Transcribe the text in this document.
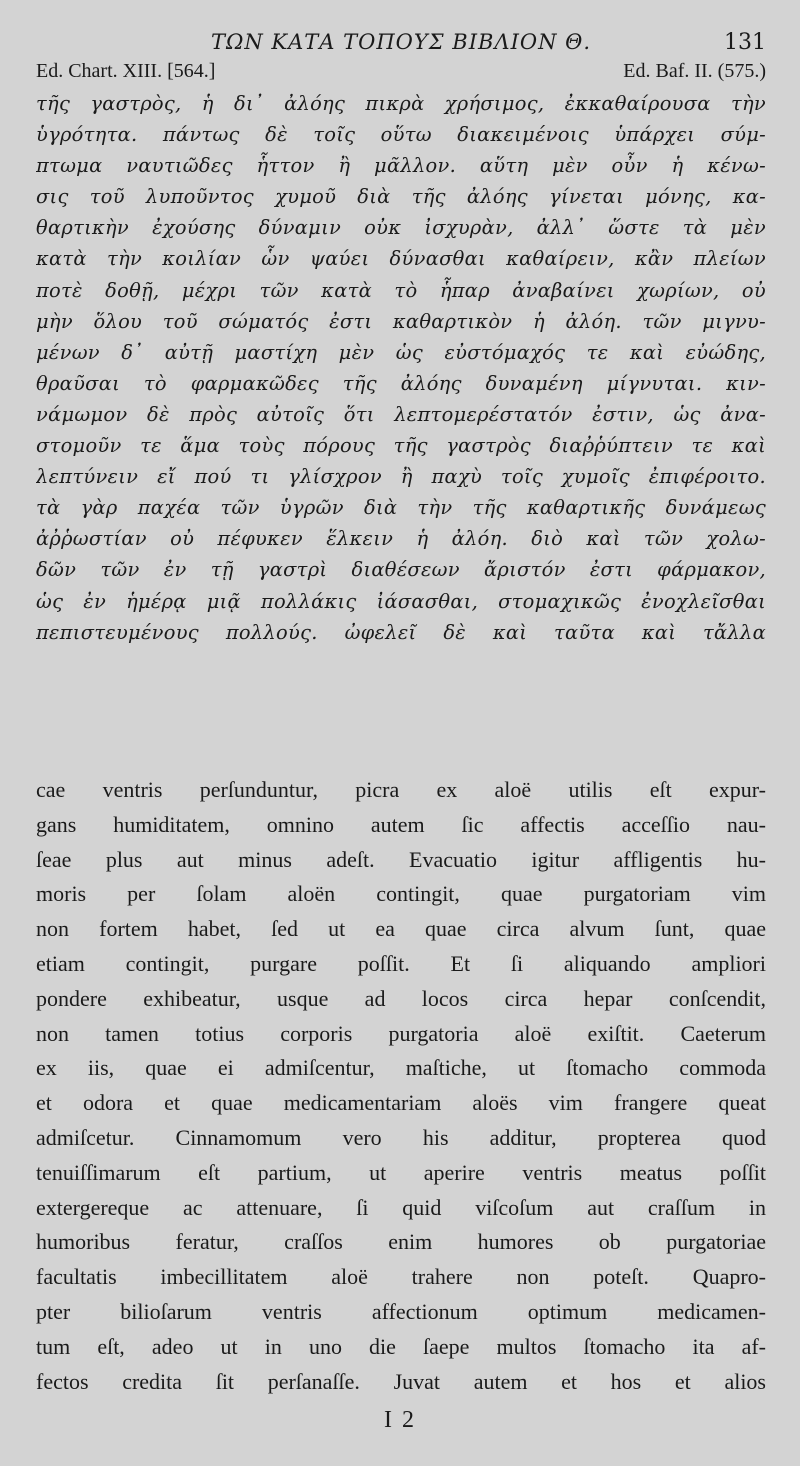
ΤΩΝ ΚΑΤΑ ΤΟΠΟΥΣ ΒΙΒΛΙΟΝ Θ.	131
Ed. Chart. XIII. [564.]	Ed. Baf. II. (575.)
τῆς γαστρὸς, ἡ δι᾽ ἀλόης πικρὰ χρήσιμος, ἐκκαθαίρουσα τὴν
ὑγρότητα. πάντως δὲ τοῖς οὕτω διακειμένοις ὑπάρχει σύμ-
πτωμα ναυτιῶδες ἧττον ἢ μᾶλλον. αὕτη μὲν οὖν ἡ κένω-
σις τοῦ λυποῦντος χυμοῦ διὰ τῆς ἀλόης γίνεται μόνης, κα-
θαρτικὴν ἐχούσης δύναμιν οὐκ ἰσχυρὰν, ἀλλ᾽ ὥστε τὰ μὲν
κατὰ τὴν κοιλίαν ὧν ψαύει δύνασθαι καθαίρειν, κἂν πλείων
ποτὲ δοθῇ, μέχρι τῶν κατὰ τὸ ἧπαρ ἀναβαίνει χωρίων, οὐ
μὴν ὅλου τοῦ σώματός ἐστι καθαρτικὸν ἡ ἀλόη. τῶν μιγνυ-
μένων δ᾽ αὐτῇ μαστίχη μὲν ὡς εὐστόμαχός τε καὶ εὐώδης,
θραῦσαι τὸ φαρμακῶδες τῆς ἀλόης δυναμένη μίγνυται. κιν-
νάμωμον δὲ πρὸς αὐτοῖς ὅτι λεπτομερέστατόν ἐστιν, ὡς ἀνα-
στομοῦν τε ἅμα τοὺς πόρους τῆς γαστρὸς διαῤῥύπτειν τε καὶ
λεπτύνειν εἴ πού τι γλίσχρον ἢ παχὺ τοῖς χυμοῖς ἐπιφέροιτο.
τὰ γὰρ παχέα τῶν ὑγρῶν διὰ τὴν τῆς καθαρτικῆς δυνάμεως
ἀῤῥωστίαν οὐ πέφυκεν ἕλκειν ἡ ἀλόη. διὸ καὶ τῶν χολω-
δῶν τῶν ἐν τῇ γαστρὶ διαθέσεων ἄριστόν ἐστι φάρμακον,
ὡς ἐν ἡμέρᾳ μιᾷ πολλάκις ἰάσασθαι, στομαχικῶς ἐνοχλεῖσθαι
πεπιστευμένους πολλούς. ὠφελεῖ δὲ καὶ ταῦτα καὶ τἄλλα
cae ventris perſunduntur, picra ex aloë utilis eſt expur-
gans humiditatem, omnino autem ſic affectis acceſſio nau-
ſeae plus aut minus adeſt. Evacuatio igitur affligentis hu-
moris per ſolam aloën contingit, quae purgatoriam vim
non fortem habet, ſed ut ea quae circa alvum ſunt, quae
etiam contingit, purgare poſſit. Et ſi aliquando ampliori
pondere exhibeatur, usque ad locos circa hepar conſcendit,
non tamen totius corporis purgatoria aloë exiſtit. Caeterum
ex iis, quae ei admiſcentur, maſtiche, ut ſtomacho commoda
et odora et quae medicamentariam aloës vim frangere queat
admiſcetur. Cinnamomum vero his additur, propterea quod
tenuiſſimarum eſt partium, ut aperire ventris meatus poſſit
extergereque ac attenuare, ſi quid viſcoſum aut craſſum in
humoribus feratur, craſſos enim humores ob purgatoriae
facultatis imbecillitatem aloë trahere non poteſt. Quapro-
pter bilioſarum ventris affectionum optimum medicamen-
tum eſt, adeo ut in uno die ſaepe multos ſtomacho ita af-
fectos credita ſit perſanaſſe. Juvat autem et hos et alios
I 2
